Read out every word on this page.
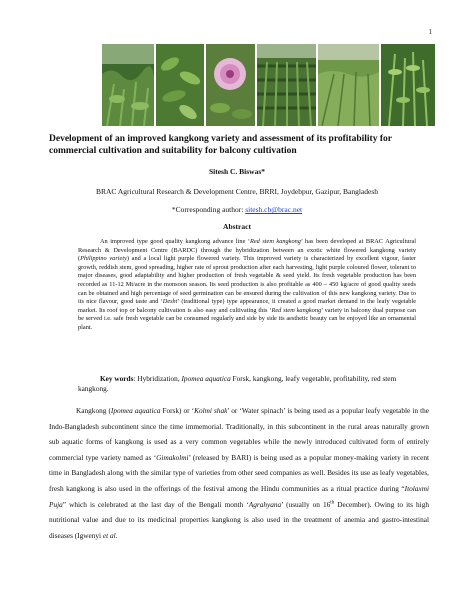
1
Development of an improved kangkong variety and assessment of its profitability for commercial cultivation and suitability for balcony cultivation
Sitesh C. Biswas*
BRAC Agricultural Research & Development Centre, BRRI, Joydebpur, Gazipur, Bangladesh
*Corresponding author: sitesh.cb@brac.net
Abstract

An improved type good quality kangkong advance line ‘Red stem kangkong’ has been developed at BRAC Agricultural Research & Development Centre (BARDC) through the hybridization between an exotic white flowered kangkong variety (Philippino variety) and a local light purple flowered variety. This improved variety is characterized by excellent vigour, faster growth, reddish stem, good spreading, higher rate of sprout production after each harvesting, light purple coloured flower, tolerant to major diseases, good adaptability and higher production of fresh vegetable & seed yield. Its fresh vegetable production has been recorded as 11-12 Mt/acre in the monsoon season. Its seed production is also profitable as 400 – 450 kg/acre of good quality seeds can be obtained and high percentage of seed germination can be ensured during the cultivation of this new kangkong variety. Due to its nice flavour, good taste and ‘Deshi’ (traditional type) type appearance, it created a good market demand in the leafy vegetable market. Its roof top or balcony cultivation is also easy and cultivating this ‘Red stem kangkong’ variety in balcony dual purpose can be served i.e. safe fresh vegetable can be consumed regularly and side by side its aesthetic beauty can be enjoyed like an ornamental plant.

Key words: Hybridization, Ipomea aquatica Forsk, kangkong, leafy vegetable, profitability, red stem kangkong.

Kangkong (Ipomea aquatica Forsk) or ‘Kolmi shak’ or ‘Water spinach’ is being used as a popular leafy vegetable in the Indo-Bangladesh subcontinent since the time immemorial. Traditionally, in this subcontinent in the rural areas naturally grown sub aquatic forms of kangkong is used as a very common vegetables while the newly introduced cultivated form of entirely commercial type variety named as ‘Gimakolmi’ (released by BARI) is being used as a popular money-making variety in recent time in Bangladesh along with the similar type of varieties from other seed companies as well. Besides its use as leafy vegetables, fresh kangkong is also used in the offerings of the festival among the Hindu communities as a ritual practice during “Itolaxmi Puja” which is celebrated at the last day of the Bengali month ‘Agrahyana’ (usually on 16th December). Owing to its high nutritional value and due to its medicinal properties kangkong is also used in the treatment of anemia and gastro-intestinal diseases (Igwenyi et al.
